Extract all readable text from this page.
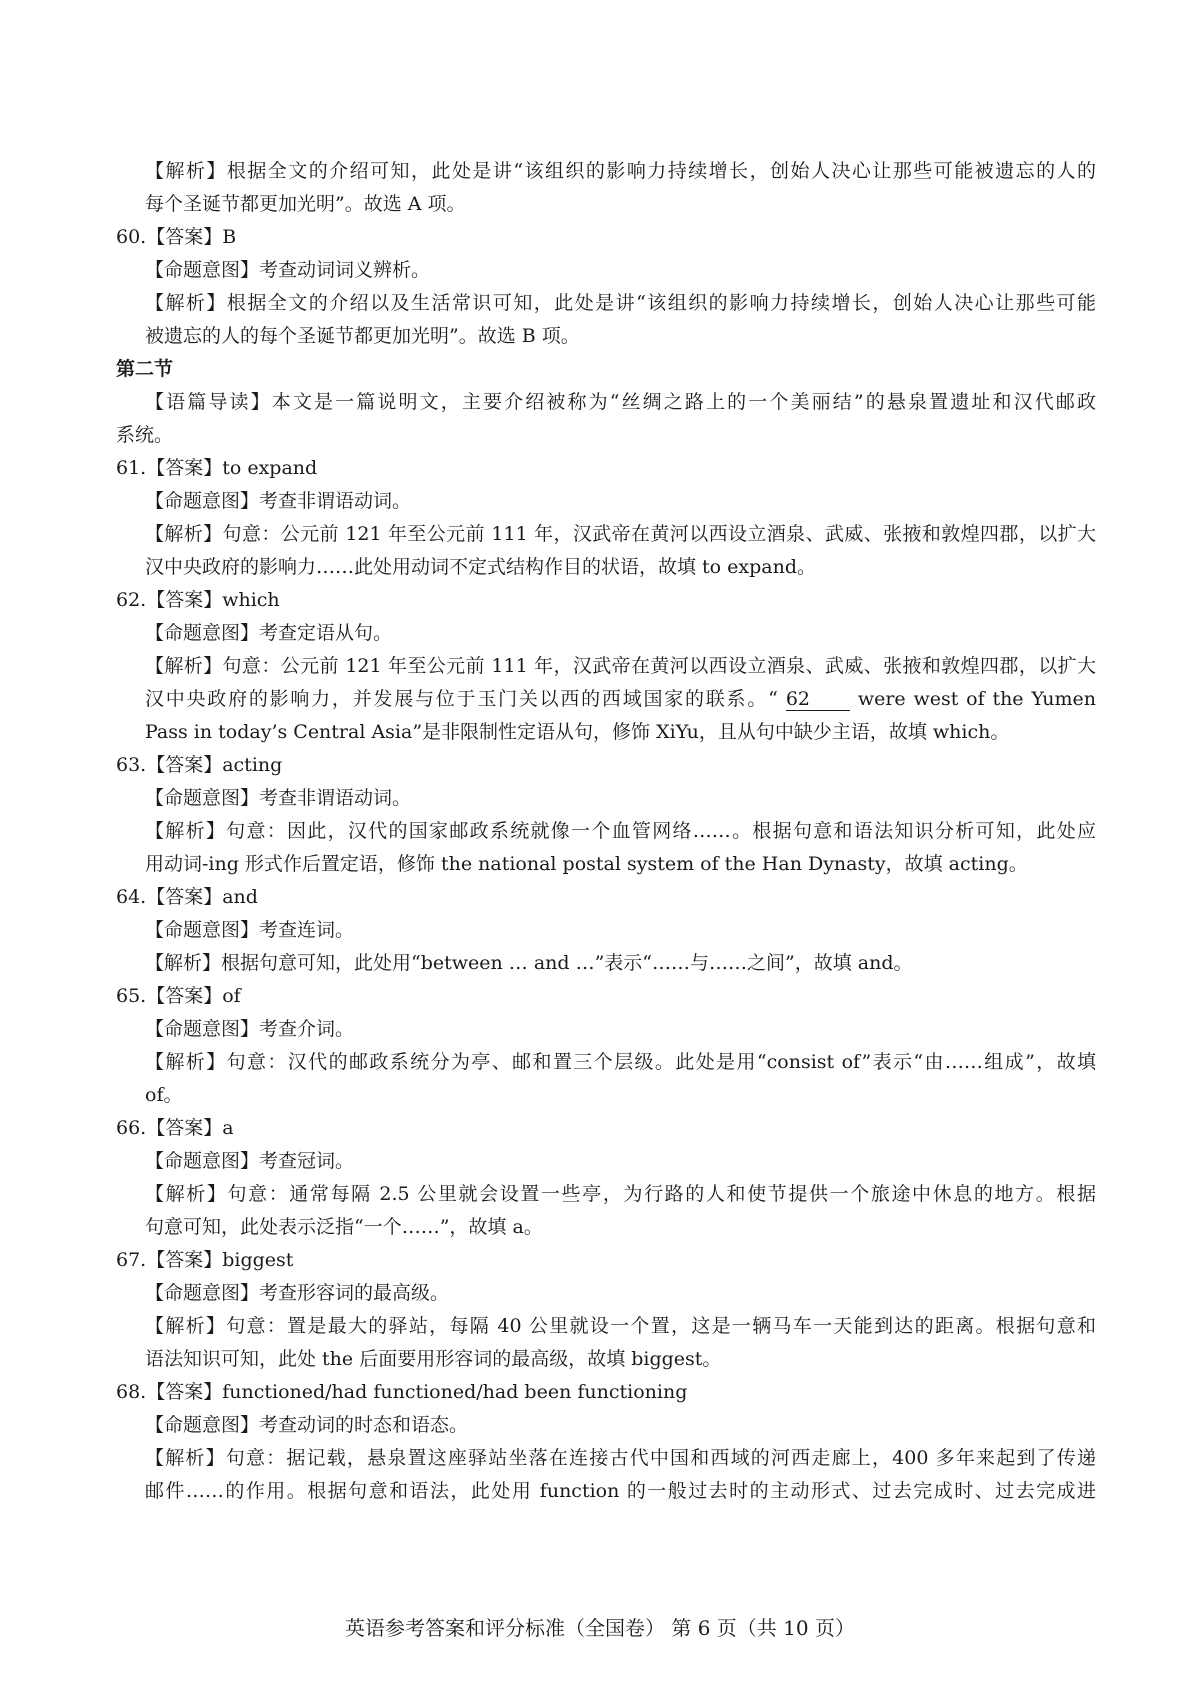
【解析】根据全文的介绍可知，此处是讲“该组织的影响力持续增长，创始人决心让那些可能被遗忘的人的
每个圣诞节都更加光明”。故选 A 项。
60.【答案】B
【命题意图】考查动词词义辨析。
【解析】根据全文的介绍以及生活常识可知，此处是讲“该组织的影响力持续增长，创始人决心让那些可能
被遗忘的人的每个圣诞节都更加光明”。故选 B 项。
第二节
【语篇导读】本文是一篇说明文，主要介绍被称为“丝绸之路上的一个美丽结”的悬泉置遗址和汉代邮政
系统。
61.【答案】to expand
【命题意图】考查非谓语动词。
【解析】句意：公元前 121 年至公元前 111 年，汉武帝在黄河以西设立酒泉、武威、张掖和敦煌四郡，以扩大
汉中央政府的影响力……此处用动词不定式结构作目的状语，故填 to expand。
62.【答案】which
【命题意图】考查定语从句。
【解析】句意：公元前 121 年至公元前 111 年，汉武帝在黄河以西设立酒泉、武威、张掖和敦煌四郡，以扩大
汉中央政府的影响力，并发展与位于玉门关以西的西域国家的联系。“ 62	were west of the Yumen
Pass in today’s Central Asia”是非限制性定语从句，修饰 XiYu，且从句中缺少主语，故填 which。
63.【答案】acting
【命题意图】考查非谓语动词。
【解析】句意：因此，汉代的国家邮政系统就像一个血管网络……。根据句意和语法知识分析可知，此处应
用动词-ing 形式作后置定语，修饰 the national postal system of the Han Dynasty，故填 acting。
64.【答案】and
【命题意图】考查连词。
【解析】根据句意可知，此处用“between … and …”表示“……与……之间”，故填 and。
65.【答案】of
【命题意图】考查介词。
【解析】句意：汉代的邮政系统分为亭、邮和置三个层级。此处是用“consist of”表示“由……组成”，故填
of。
66.【答案】a
【命题意图】考查冠词。
【解析】句意：通常每隔 2.5 公里就会设置一些亭，为行路的人和使节提供一个旅途中休息的地方。根据
句意可知，此处表示泛指“一个……”，故填 a。
67.【答案】biggest
【命题意图】考查形容词的最高级。
【解析】句意：置是最大的驿站，每隔 40 公里就设一个置，这是一辆马车一天能到达的距离。根据句意和
语法知识可知，此处 the 后面要用形容词的最高级，故填 biggest。
68.【答案】functioned/had functioned/had been functioning
【命题意图】考查动词的时态和语态。
【解析】句意：据记载，悬泉置这座驿站坐落在连接古代中国和西域的河西走廊上，400 多年来起到了传递
邮件……的作用。根据句意和语法，此处用 function 的一般过去时的主动形式、过去完成时、过去完成进
英语参考答案和评分标准（全国卷） 第 6 页（共 10 页）
